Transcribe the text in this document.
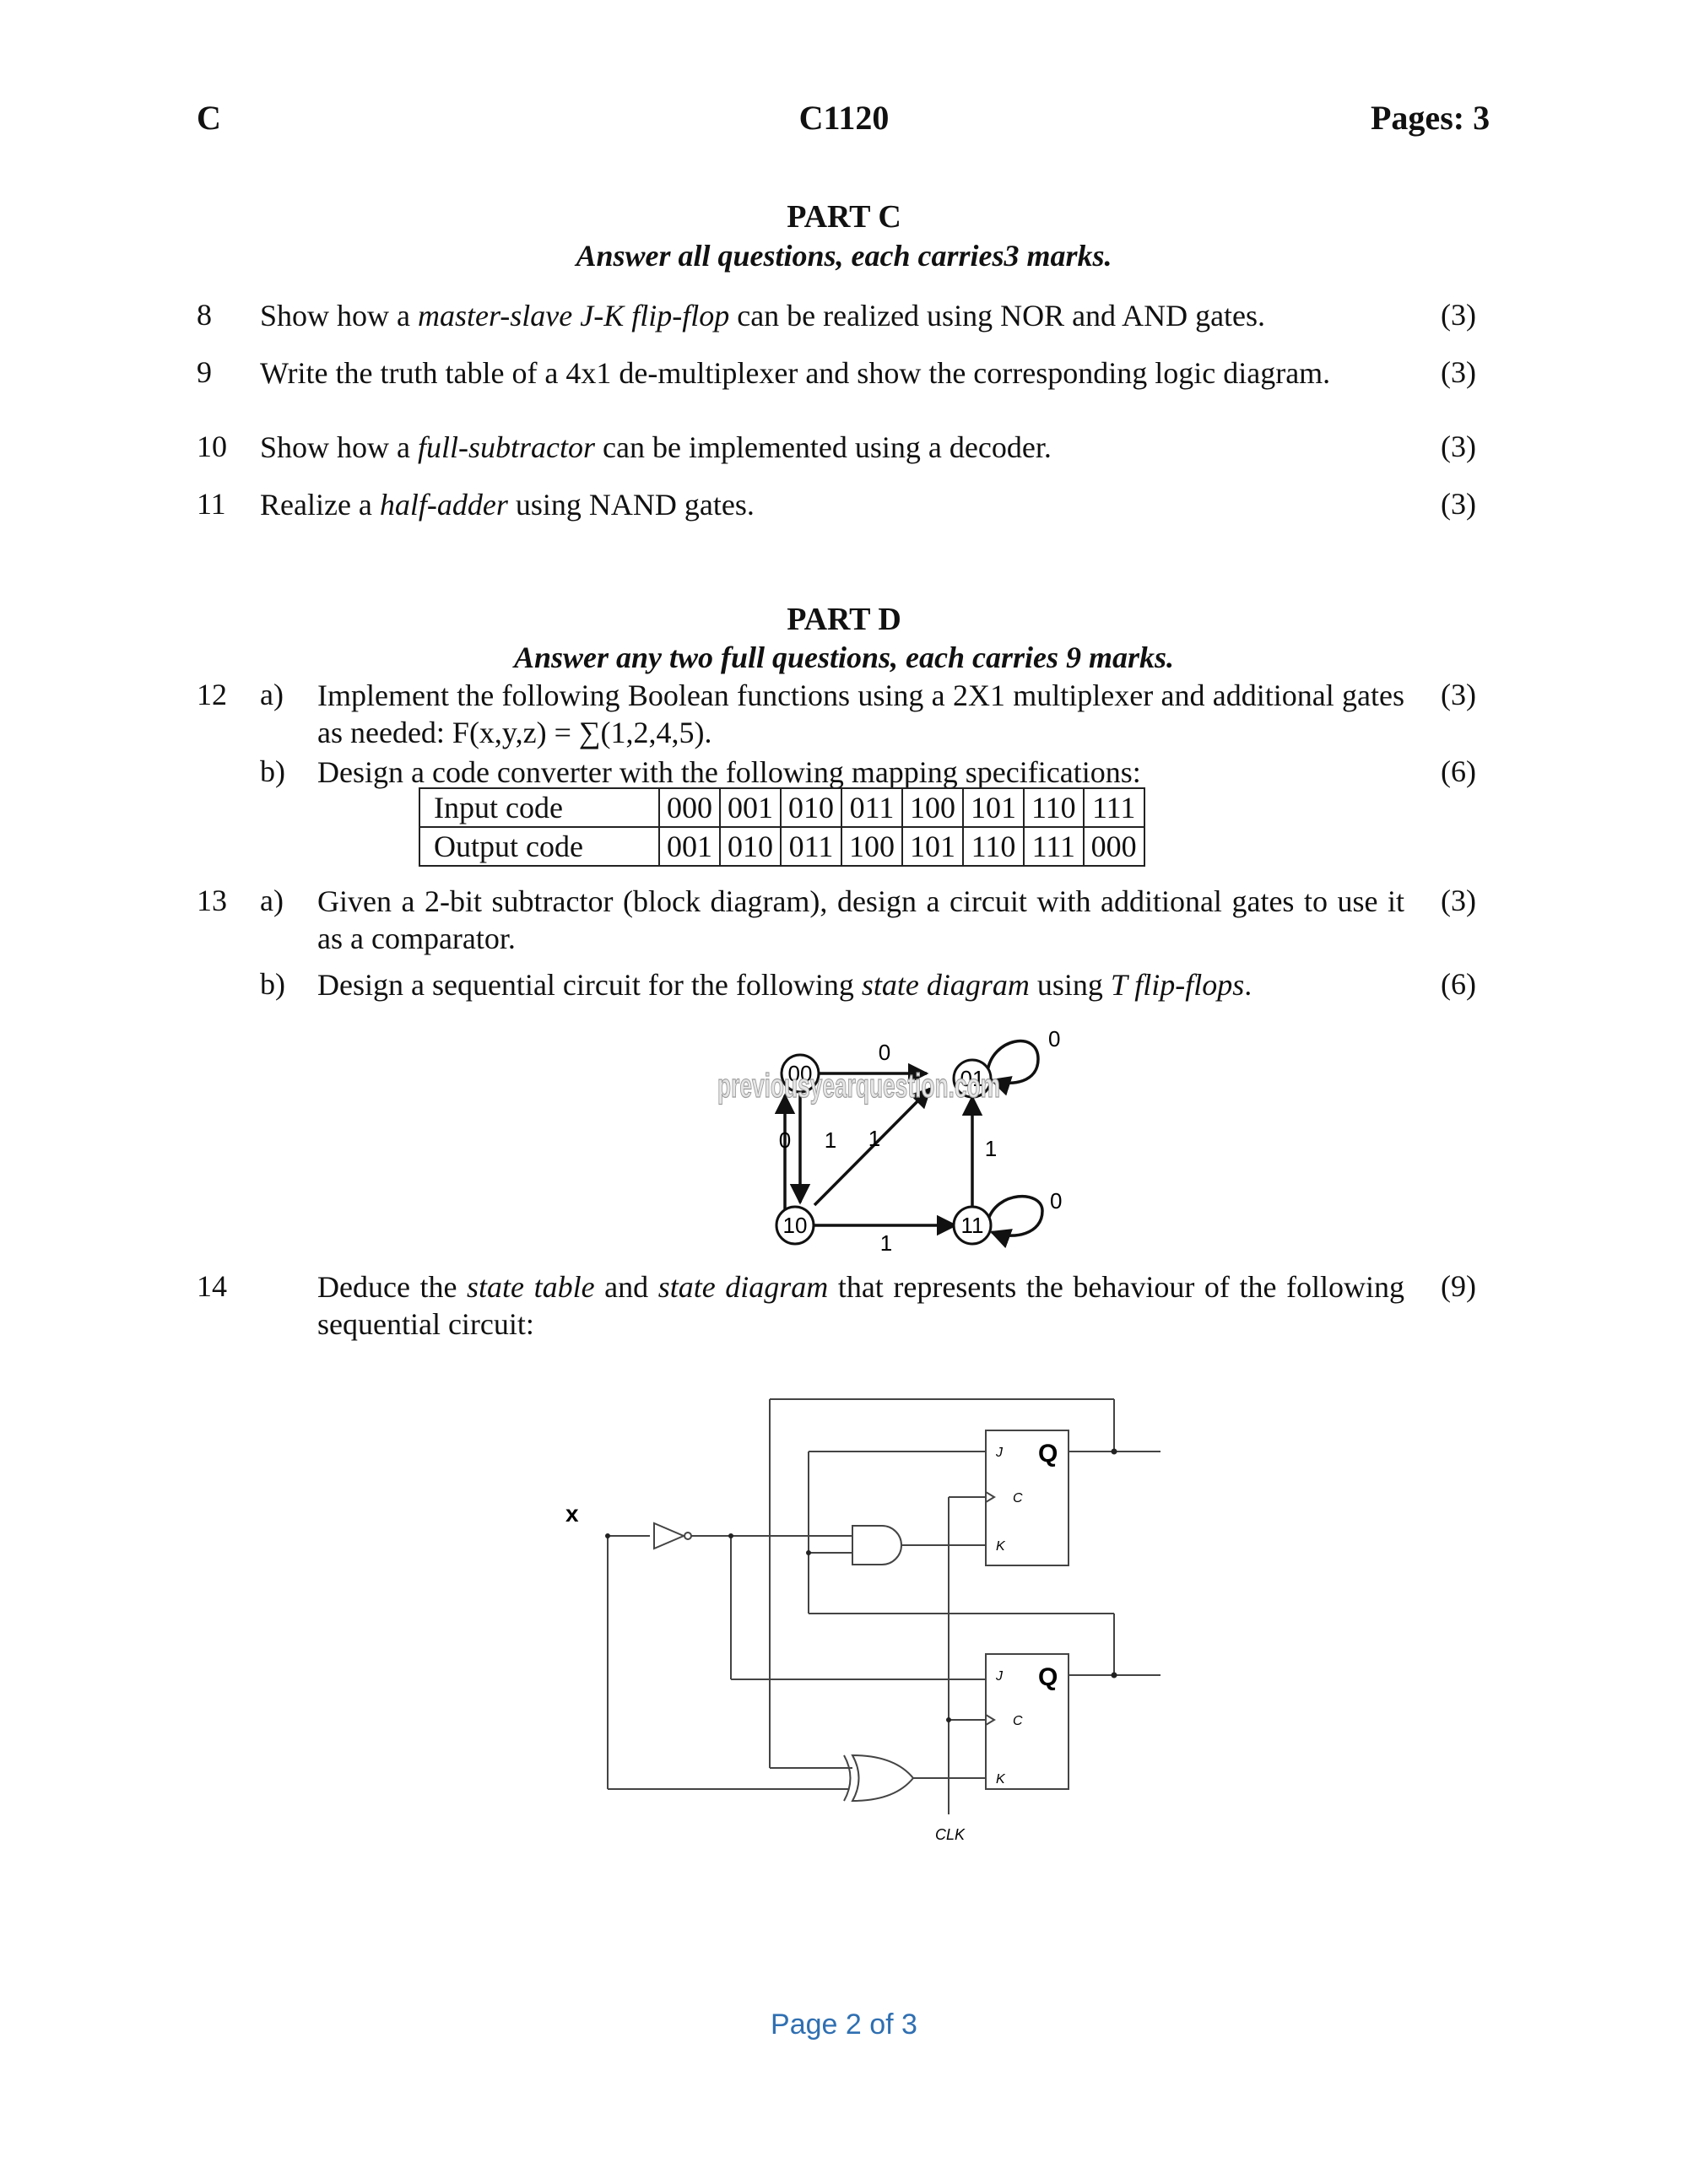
C	C1120	Pages: 3
PART C
Answer all questions, each carries3 marks.
8 Show how a master-slave J-K flip-flop can be realized using NOR and AND gates.	(3)
9 Write the truth table of a 4x1 de-multiplexer and show the corresponding logic diagram.	(3)
10 Show how a full-subtractor can be implemented using a decoder.	(3)
11 Realize a half-adder using NAND gates.	(3)
PART D
Answer any two full questions, each carries 9 marks.
12 a) Implement the following Boolean functions using a 2X1 multiplexer and additional gates as needed: F(x,y,z) = ∑(1,2,4,5).
(3)
b) Design a code converter with the following mapping specifications:	(6)
Input code	000	001	010	011	100	101	110	111
Output code	001	010	011	100	101	110	111	000
13 a) Given a 2-bit subtractor (block diagram), design a circuit with additional gates to use it as a comparator.
(3)
b) Design a sequential circuit for the following state diagram using T flip-flops.	(6)
00	01
10	11
0
0
0 1 1	1
0
1
previousyearquestion.com
14	Deduce the state table and state diagram that represents the behaviour of the following sequential circuit:
(9)
x
CLK
J
C
K
Q
J
C
K
Q
Page 2 of 3
